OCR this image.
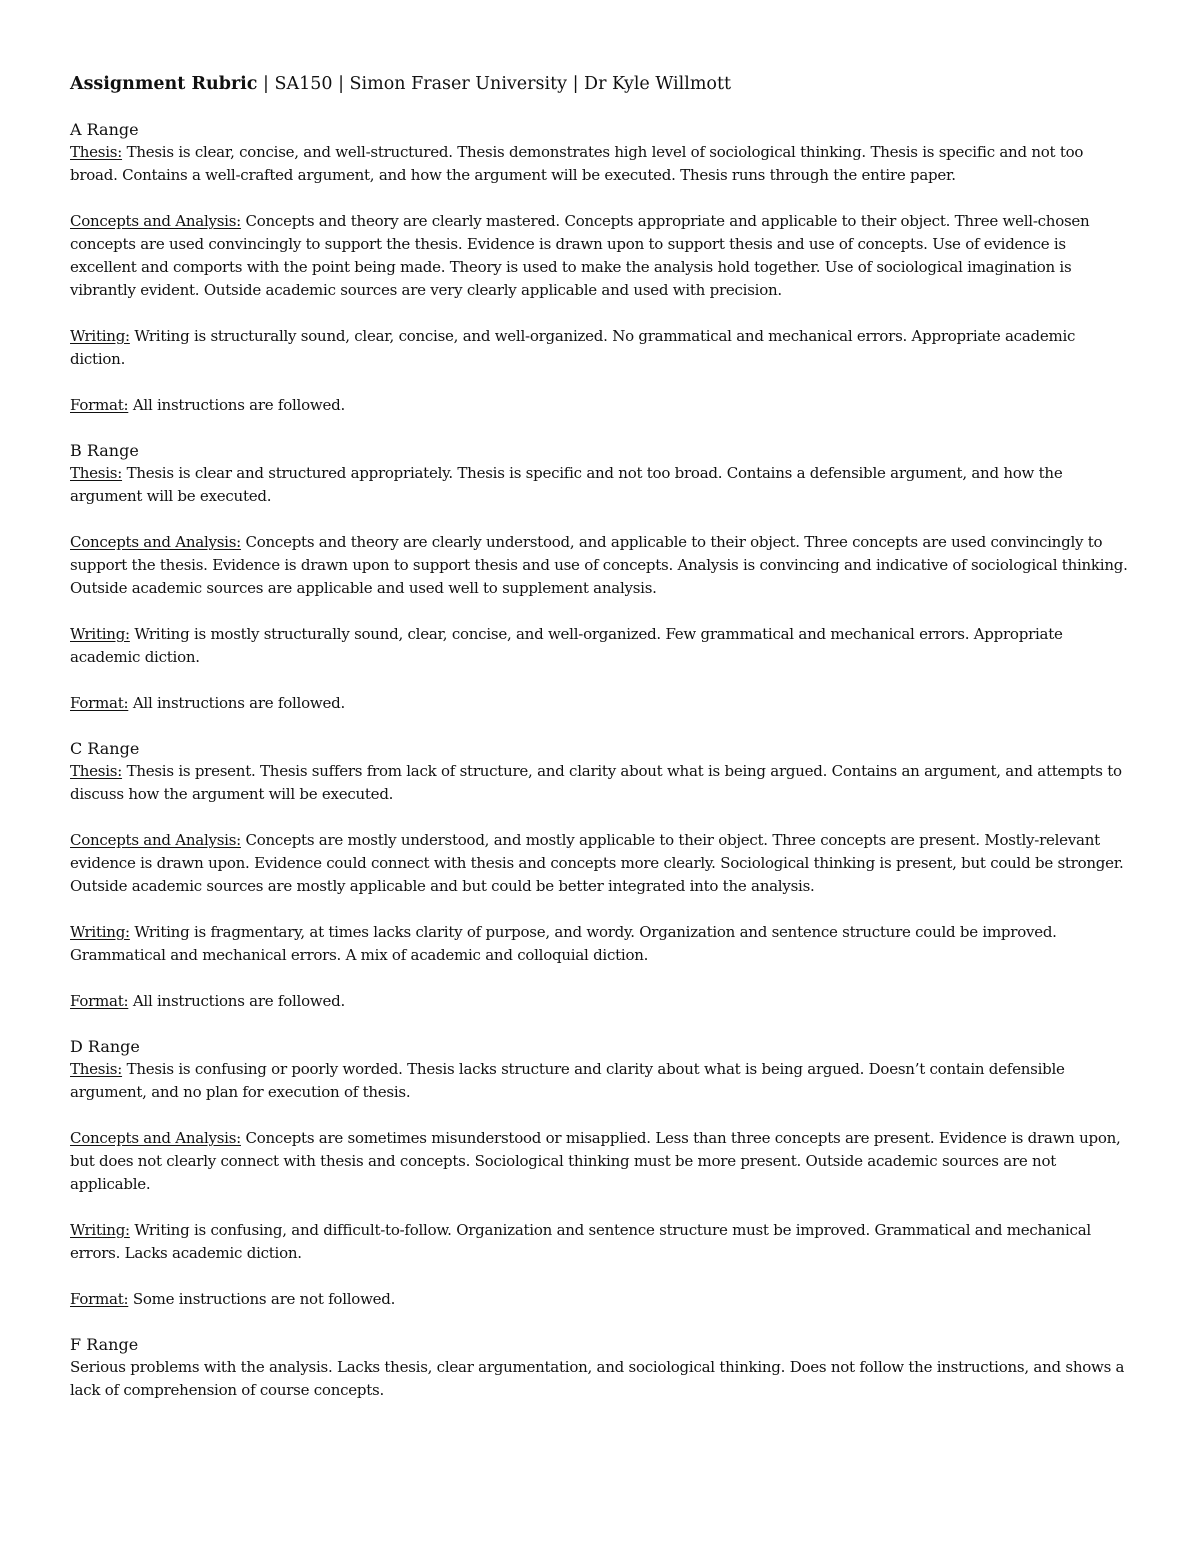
Assignment Rubric | SA150 | Simon Fraser University | Dr Kyle Willmott
A Range

Thesis: Thesis is clear, concise, and well-structured. Thesis demonstrates high level of sociological thinking. Thesis is specific and not too broad. Contains a well-crafted argument, and how the argument will be executed. Thesis runs through the entire paper.

Concepts and Analysis: Concepts and theory are clearly mastered. Concepts appropriate and applicable to their object. Three well-chosen concepts are used convincingly to support the thesis. Evidence is drawn upon to support thesis and use of concepts. Use of evidence is excellent and comports with the point being made. Theory is used to make the analysis hold together. Use of sociological imagination is vibrantly evident. Outside academic sources are very clearly applicable and used with precision.

Writing: Writing is structurally sound, clear, concise, and well-organized. No grammatical and mechanical errors. Appropriate academic diction.

Format: All instructions are followed.

B Range

Thesis: Thesis is clear and structured appropriately. Thesis is specific and not too broad. Contains a defensible argument, and how the argument will be executed.

Concepts and Analysis: Concepts and theory are clearly understood, and applicable to their object. Three concepts are used convincingly to support the thesis. Evidence is drawn upon to support thesis and use of concepts. Analysis is convincing and indicative of sociological thinking. Outside academic sources are applicable and used well to supplement analysis.

Writing: Writing is mostly structurally sound, clear, concise, and well-organized. Few grammatical and mechanical errors. Appropriate academic diction.

Format: All instructions are followed.

C Range

Thesis: Thesis is present. Thesis suffers from lack of structure, and clarity about what is being argued. Contains an argument, and attempts to discuss how the argument will be executed.

Concepts and Analysis: Concepts are mostly understood, and mostly applicable to their object. Three concepts are present. Mostly-relevant evidence is drawn upon. Evidence could connect with thesis and concepts more clearly. Sociological thinking is present, but could be stronger. Outside academic sources are mostly applicable and but could be better integrated into the analysis.

Writing: Writing is fragmentary, at times lacks clarity of purpose, and wordy. Organization and sentence structure could be improved. Grammatical and mechanical errors. A mix of academic and colloquial diction.

Format: All instructions are followed.

D Range

Thesis: Thesis is confusing or poorly worded. Thesis lacks structure and clarity about what is being argued. Doesn’t contain defensible argument, and no plan for execution of thesis.

Concepts and Analysis: Concepts are sometimes misunderstood or misapplied. Less than three concepts are present. Evidence is drawn upon, but does not clearly connect with thesis and concepts. Sociological thinking must be more present. Outside academic sources are not applicable.

Writing: Writing is confusing, and difficult-to-follow. Organization and sentence structure must be improved. Grammatical and mechanical errors. Lacks academic diction.

Format: Some instructions are not followed.

F Range

Serious problems with the analysis. Lacks thesis, clear argumentation, and sociological thinking. Does not follow the instructions, and shows a lack of comprehension of course concepts.
